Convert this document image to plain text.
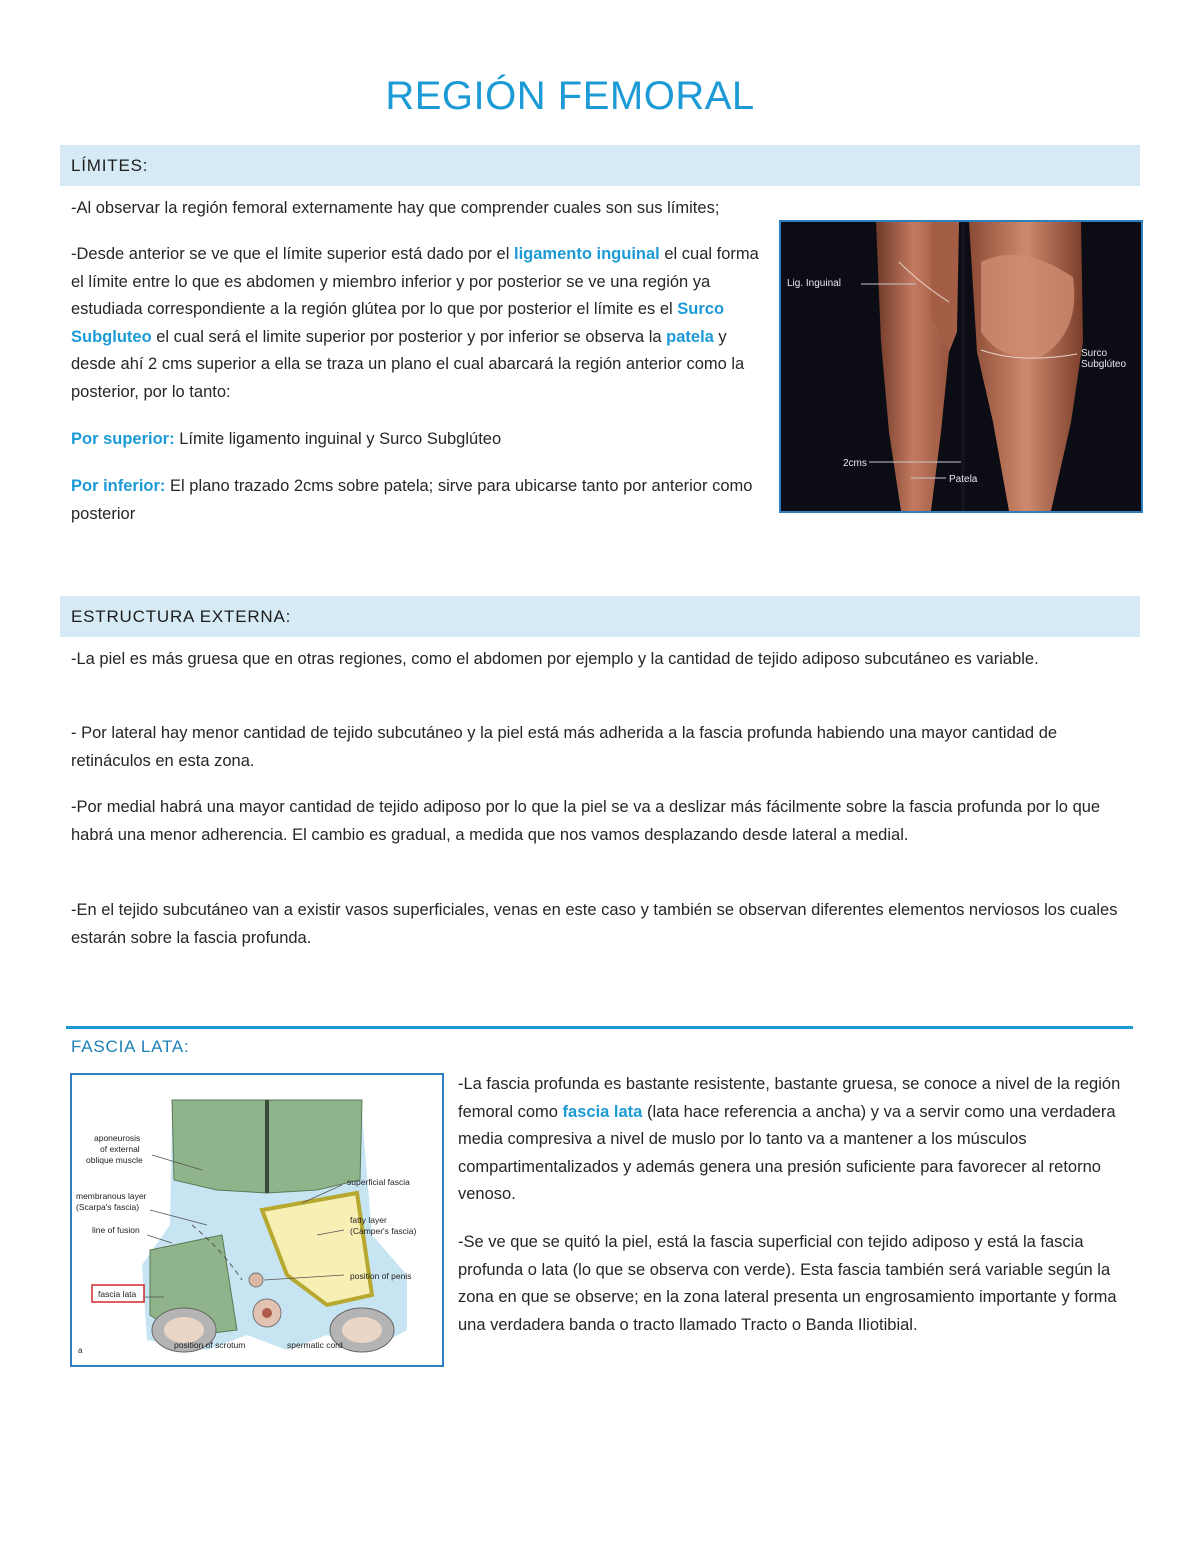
REGIÓN FEMORAL
LÍMITES:

-Al observar la región femoral externamente hay que comprender cuales son sus límites;

-Desde anterior se ve que el límite superior está dado por el ligamento inguinal el cual forma el límite entre lo que es abdomen y miembro inferior y por posterior se ve una región ya estudiada correspondiente a la región glútea por lo que por posterior el límite es el Surco Subgluteo el cual será el limite superior por posterior y por inferior se observa la patela y desde ahí 2 cms superior a ella se traza un plano el cual abarcará la región anterior como la posterior, por lo tanto:

Por superior: Límite ligamento inguinal y Surco Subglúteo

Por inferior: El plano trazado 2cms sobre patela; sirve para ubicarse tanto por anterior como posterior

Lig. Inguinal
Surco
Subglúteo
2cms
Patela
ESTRUCTURA EXTERNA:

-La piel es más gruesa que en otras regiones, como el abdomen por ejemplo y la cantidad de tejido adiposo subcutáneo es variable.

- Por lateral hay menor cantidad de tejido subcutáneo y la piel está más adherida a la fascia profunda habiendo una mayor cantidad de retináculos en esta zona.

-Por medial habrá una mayor cantidad de tejido adiposo por lo que la piel se va a deslizar más fácilmente sobre la fascia profunda por lo que habrá una menor adherencia. El cambio es gradual, a medida que nos vamos desplazando desde lateral a medial.

-En el tejido subcutáneo van a existir vasos superficiales, venas en este caso y también se observan diferentes elementos nerviosos los cuales estarán sobre la fascia profunda.

FASCIA LATA:
aponeurosis
of external
oblique muscle
membranous layer
(Scarpa's fascia)
line of fusion
fascia lata
superficial fascia
fatty layer
(Camper's fascia)
position of penis
position of scrotum	spermatic cord
a

-La fascia profunda es bastante resistente, bastante gruesa, se conoce a nivel de la región femoral como fascia lata (lata hace referencia a ancha) y va a servir como una verdadera media compresiva a nivel de muslo por lo tanto va a mantener a los músculos compartimentalizados y además genera una presión suficiente para favorecer al retorno venoso.

-Se ve que se quitó la piel, está la fascia superficial con tejido adiposo y está la fascia profunda o lata (lo que se observa con verde). Esta fascia también será variable según la zona en que se observe; en la zona lateral presenta un engrosamiento importante y forma una verdadera banda o tracto llamado Tracto o Banda Iliotibial.
